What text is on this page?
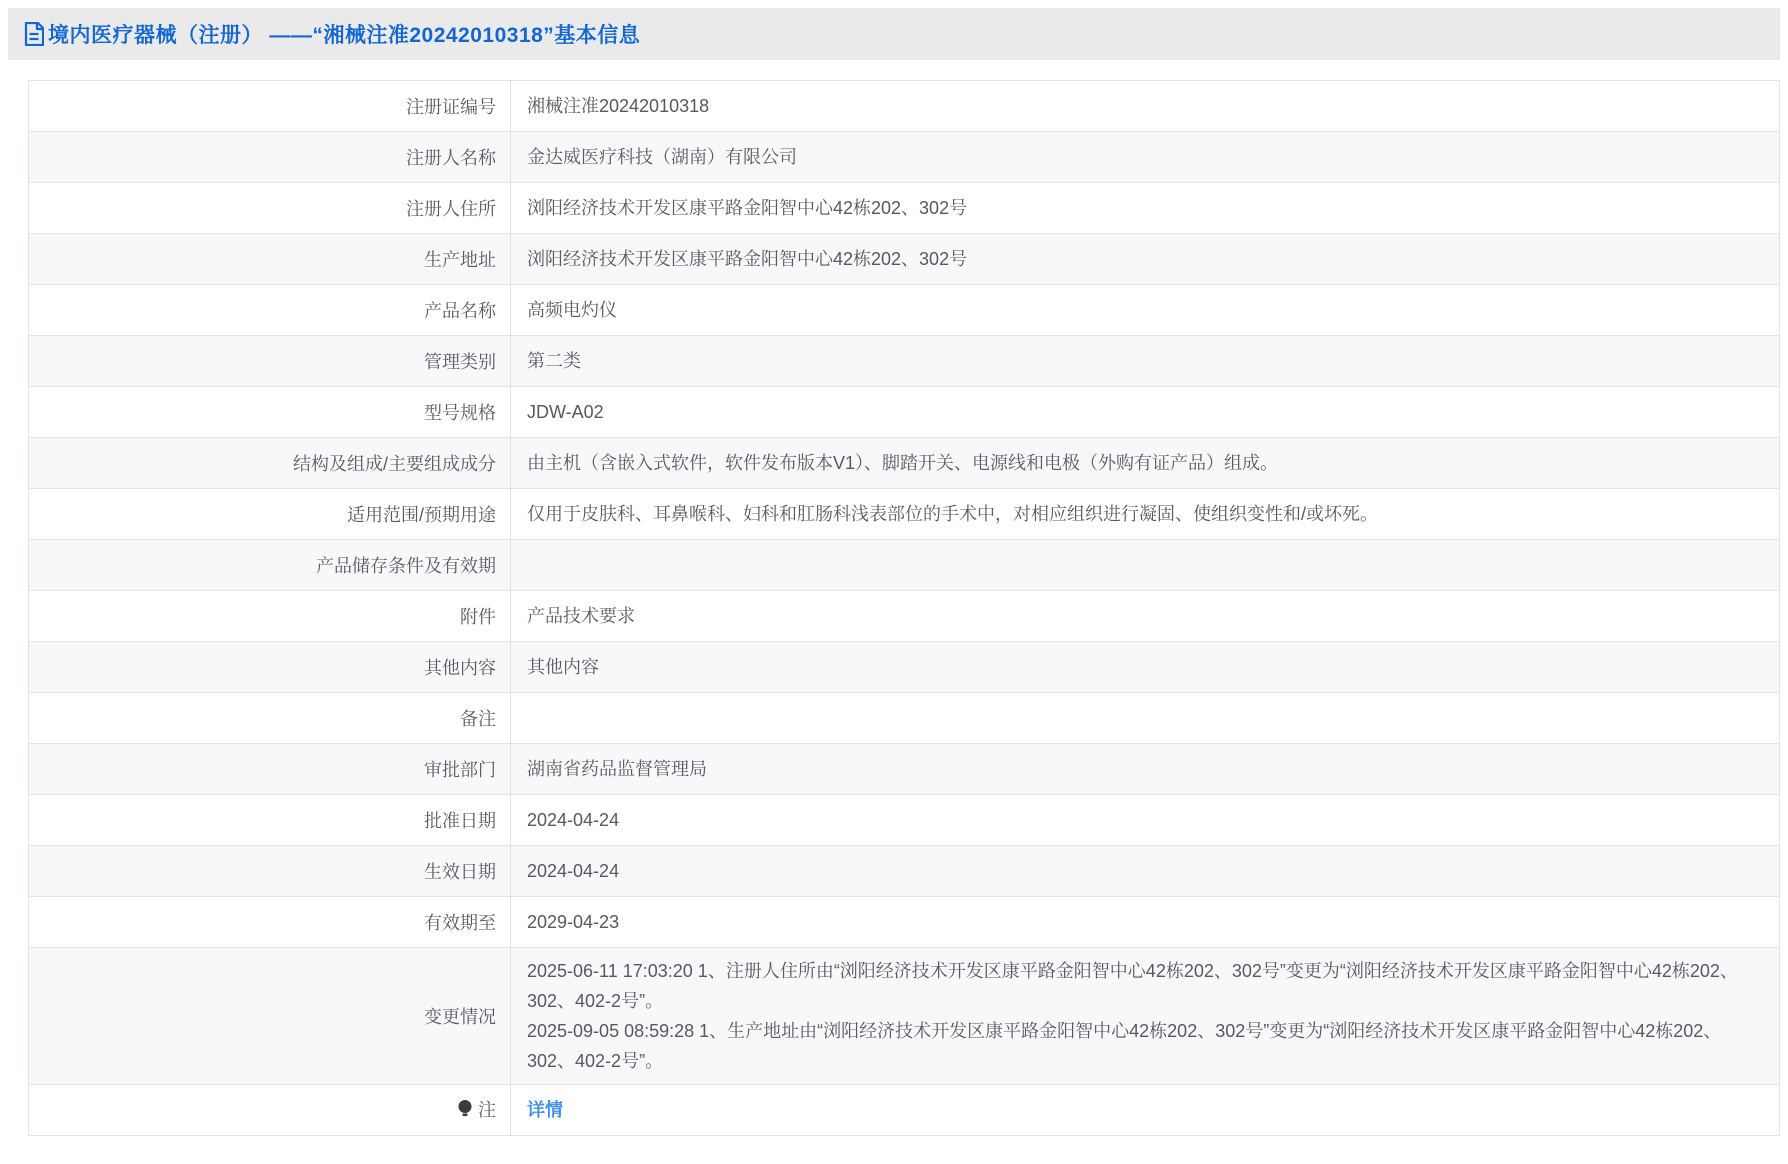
境内医疗器械（注册） ——“湘械注准20242010318”基本信息
注册证编号	湘械注准20242010318
注册人名称	金达威医疗科技（湖南）有限公司
注册人住所	浏阳经济技术开发区康平路金阳智中心42栋202、302号
生产地址	浏阳经济技术开发区康平路金阳智中心42栋202、302号
产品名称	高频电灼仪
管理类别	第二类
型号规格	JDW-A02
结构及组成/主要组成成分	由主机（含嵌入式软件，软件发布版本V1）、脚踏开关、电源线和电极（外购有证产品）组成。
适用范围/预期用途	仅用于皮肤科、耳鼻喉科、妇科和肛肠科浅表部位的手术中，对相应组织进行凝固、使组织变性和/或坏死。
产品储存条件及有效期	
附件	产品技术要求
其他内容	其他内容
备注	
审批部门	湖南省药品监督管理局
批准日期	2024-04-24
生效日期	2024-04-24
有效期至	2029-04-23
变更情况	2025-06-11 17:03:20 1、注册人住所由“浏阳经济技术开发区康平路金阳智中心42栋202、302号”变更为“浏阳经济技术开发区康平路金阳智中心42栋202、302、402-2号”。
2025-09-05 08:59:28 1、生产地址由“浏阳经济技术开发区康平路金阳智中心42栋202、302号”变更为“浏阳经济技术开发区康平路金阳智中心42栋202、302、402-2号”。

注	详情
